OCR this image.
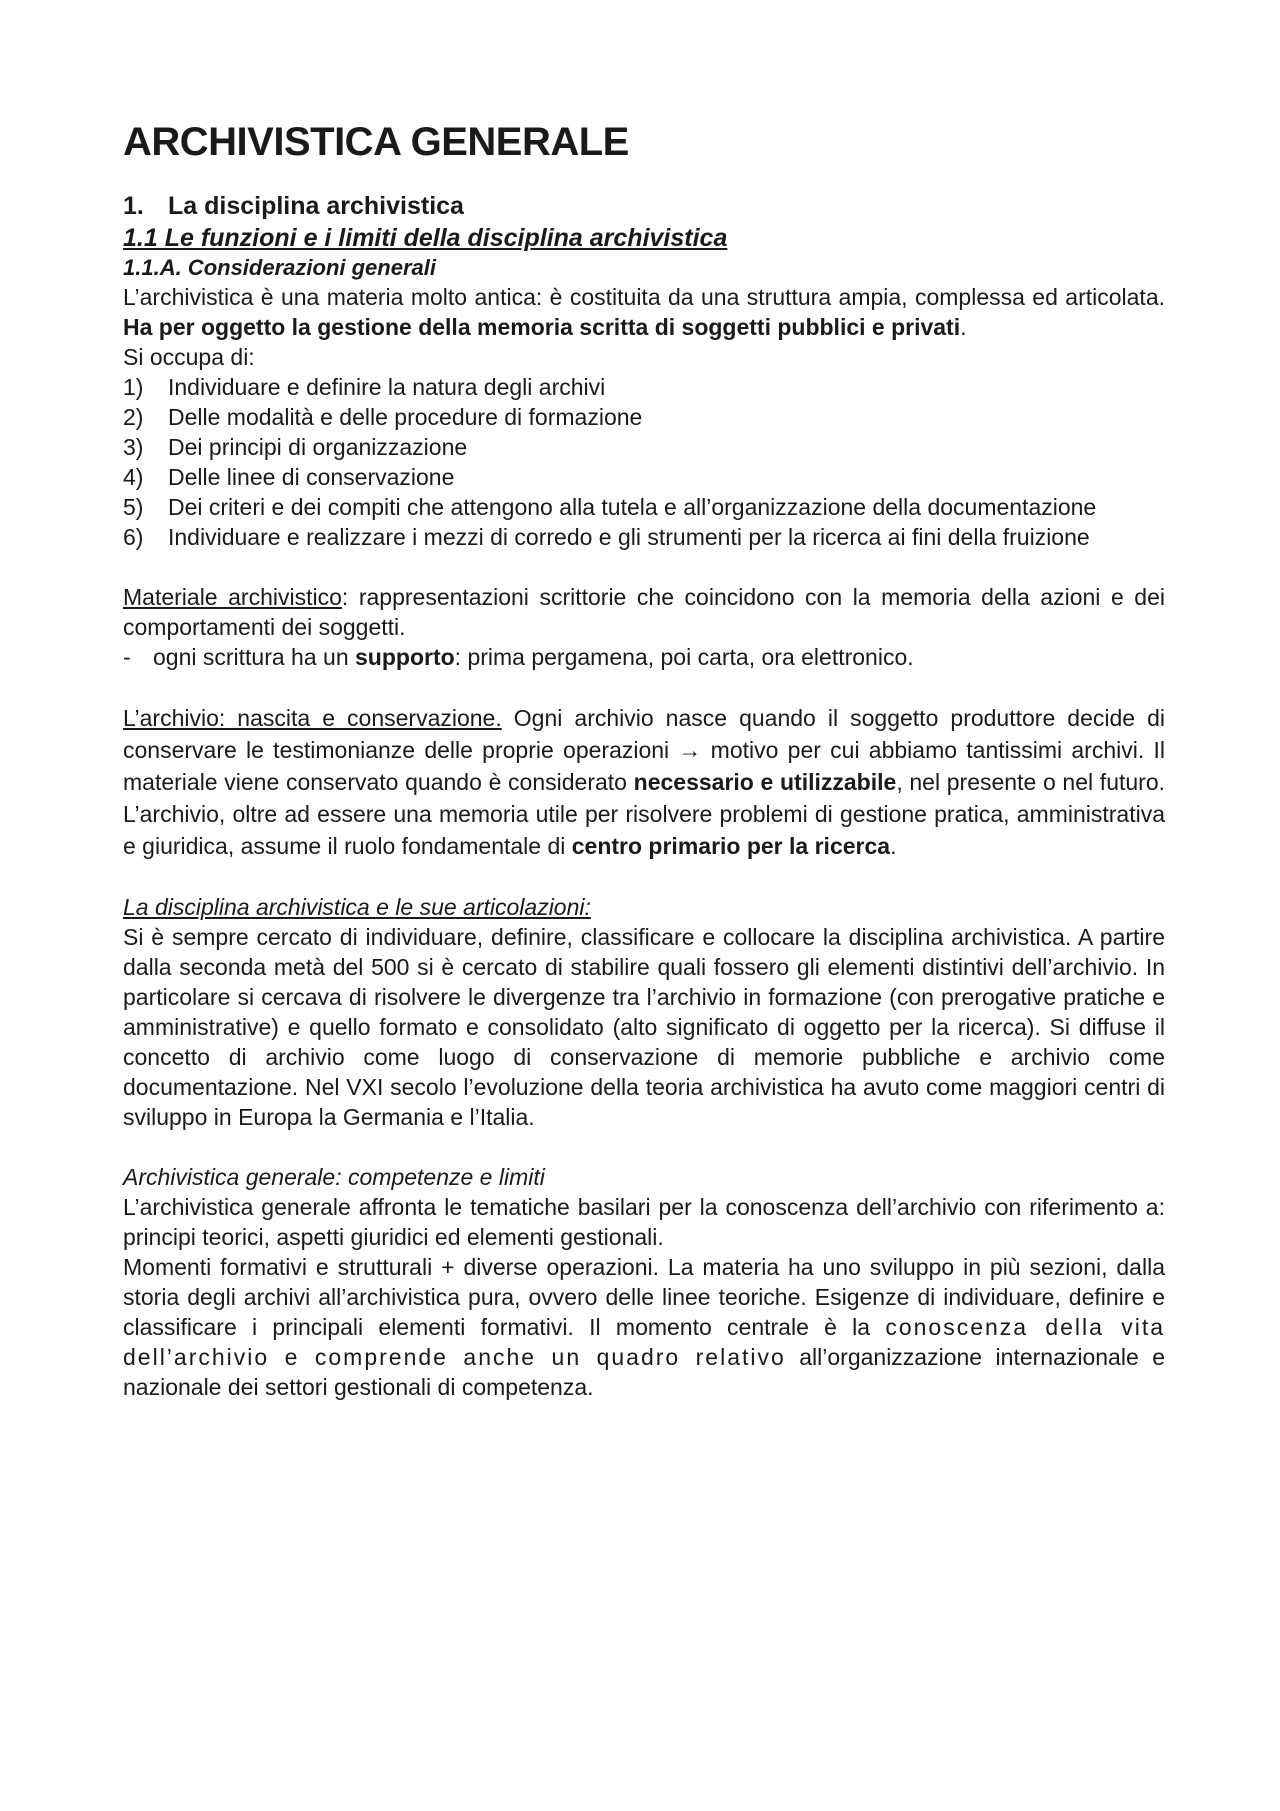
ARCHIVISTICA GENERALE
1. La disciplina archivistica
1.1 Le funzioni e i limiti della disciplina archivistica
1.1.A. Considerazioni generali

L’archivistica è una materia molto antica: è costituita da una struttura ampia, complessa ed articolata. Ha per oggetto la gestione della memoria scritta di soggetti pubblici e privati.

Si occupa di:

1)	Individuare e definire la natura degli archivi
2)	Delle modalità e delle procedure di formazione
3)	Dei principi di organizzazione
4)	Delle linee di conservazione
5)	Dei criteri e dei compiti che attengono alla tutela e all’organizzazione della documentazione
6)	Individuare e realizzare i mezzi di corredo e gli strumenti per la ricerca ai fini della fruizione

Materiale archivistico: rappresentazioni scrittorie che coincidono con la memoria della azioni e dei comportamenti dei soggetti.

- ogni scrittura ha un supporto: prima pergamena, poi carta, ora elettronico.

L’archivio: nascita e conservazione. Ogni archivio nasce quando il soggetto produttore decide di conservare le testimonianze delle proprie operazioni → motivo per cui abbiamo tantissimi archivi. Il materiale viene conservato quando è considerato necessario e utilizzabile, nel presente o nel futuro. L’archivio, oltre ad essere una memoria utile per risolvere problemi di gestione pratica, amministrativa e giuridica, assume il ruolo fondamentale di centro primario per la ricerca.

La disciplina archivistica e le sue articolazioni:

Si è sempre cercato di individuare, definire, classificare e collocare la disciplina archivistica. A partire dalla seconda metà del 500 si è cercato di stabilire quali fossero gli elementi distintivi dell’archivio. In particolare si cercava di risolvere le divergenze tra l’archivio in formazione (con prerogative pratiche e amministrative) e quello formato e consolidato (alto significato di oggetto per la ricerca). Si diffuse il concetto di archivio come luogo di conservazione di memorie pubbliche e archivio come documentazione. Nel VXI secolo l’evoluzione della teoria archivistica ha avuto come maggiori centri di sviluppo in Europa la Germania e l’Italia.

Archivistica generale: competenze e limiti

L’archivistica generale affronta le tematiche basilari per la conoscenza dell’archivio con riferimento a: principi teorici, aspetti giuridici ed elementi gestionali.

Momenti formativi e strutturali + diverse operazioni. La materia ha uno sviluppo in più sezioni, dalla storia degli archivi all’archivistica pura, ovvero delle linee teoriche. Esigenze di individuare, definire e classificare i principali elementi formativi. Il momento centrale è la conoscenza della vita dell’archivio e comprende anche un quadro relativo all’organizzazione internazionale e nazionale dei settori gestionali di competenza.
